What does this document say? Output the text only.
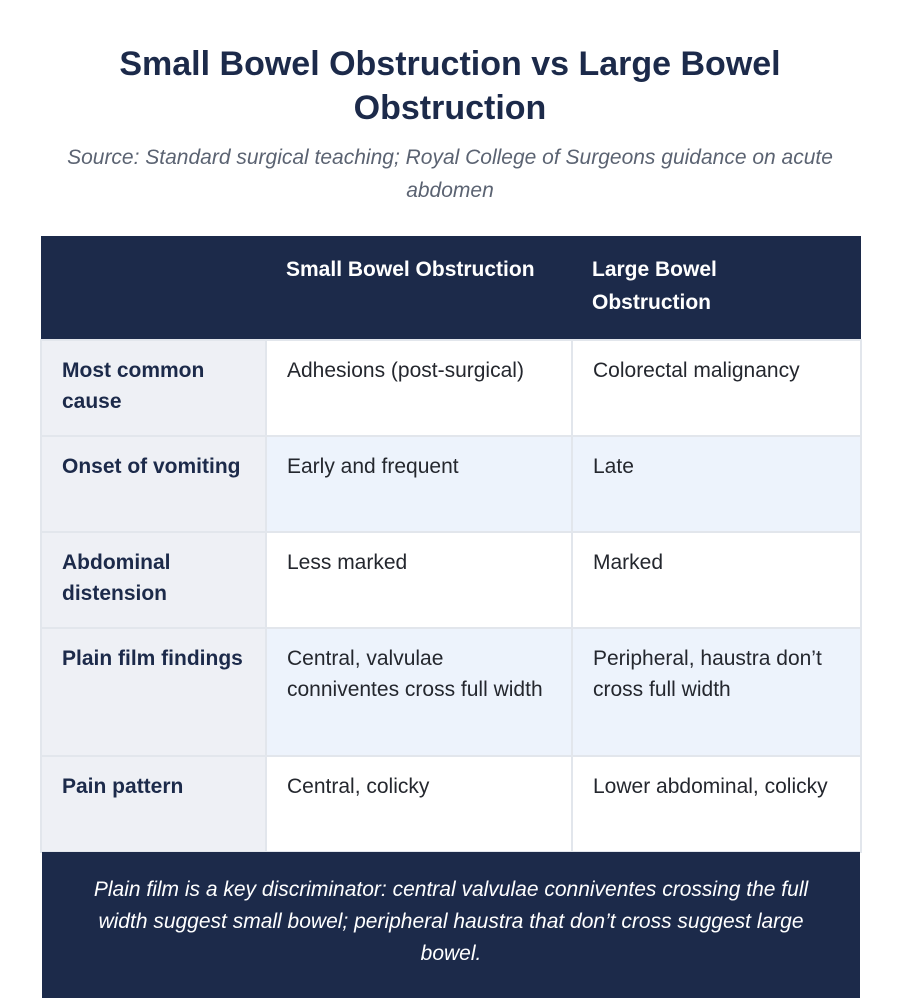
Small Bowel Obstruction vs Large Bowel Obstruction

Source: Standard surgical teaching; Royal College of Surgeons guidance on acute abdomen

	Small Bowel Obstruction	Large Bowel Obstruction
Most common cause	Adhesions (post-surgical)	Colorectal malignancy
Onset of vomiting	Early and frequent	Late
Abdominal distension	Less marked	Marked
Plain film findings	Central, valvulae conniventes cross full width	Peripheral, haustra don’t cross full width
Pain pattern	Central, colicky	Lower abdominal, colicky
Plain film is a key discriminator: central valvulae conniventes crossing the full width suggest small bowel; peripheral haustra that don’t cross suggest large bowel.
